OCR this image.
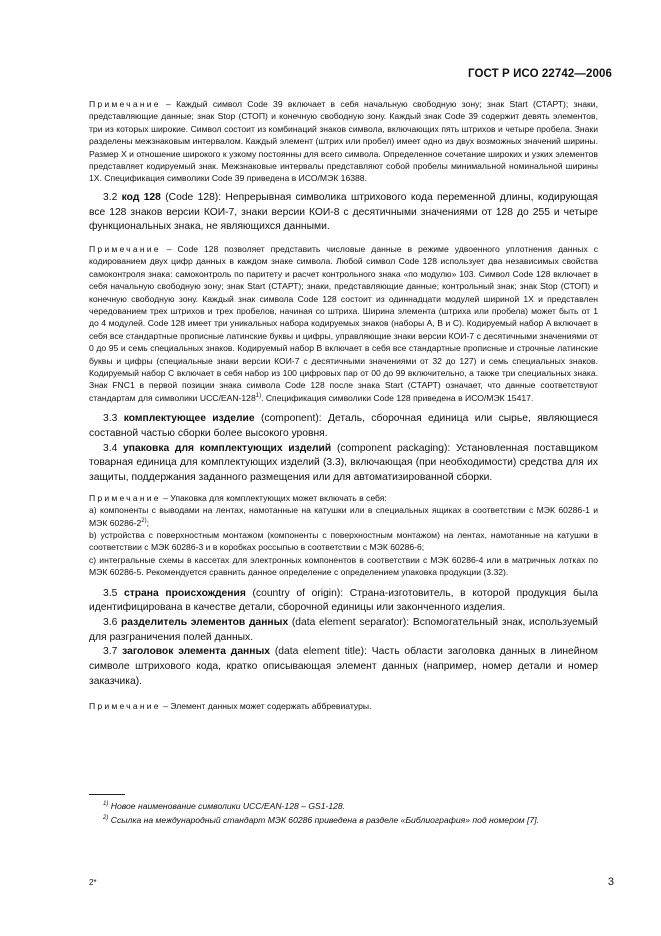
ГОСТ Р ИСО 22742—2006

Примечание – Каждый символ Code 39 включает в себя начальную свободную зону; знак Start (СТАРТ); знаки, представляющие данные; знак Stop (СТОП) и конечную свободную зону. Каждый знак Code 39 содержит девять элементов, три из которых широкие. Символ состоит из комбинаций знаков символа, включающих пять штрихов и четыре пробела. Знаки разделены межзнаковым интервалом. Каждый элемент (штрих или пробел) имеет одно из двух возможных значений ширины. Размер X и отношение широкого к узкому постоянны для всего символа. Определенное сочетание широких и узких элементов представляет кодируемый знак. Межзнаковые интервалы представляют собой пробелы минимальной номинальной ширины 1X. Спецификация символики Code 39 приведена в ИСО/МЭК 16388.

3.2 код 128 (Code 128): Непрерывная символика штрихового кода переменной длины, кодирующая все 128 знаков версии КОИ-7, знаки версии КОИ-8 с десятичными значениями от 128 до 255 и четыре функциональных знака, не являющихся данными.

Примечание – Code 128 позволяет представить числовые данные в режиме удвоенного уплотнения данных с кодированием двух цифр данных в каждом знаке символа. Любой символ Code 128 использует два независимых свойства самоконтроля знака: самоконтроль по паритету и расчет контрольного знака «по модулю» 103. Символ Code 128 включает в себя начальную свободную зону; знак Start (СТАРТ); знаки, представляющие данные; контрольный знак; знак Stop (СТОП) и конечную свободную зону. Каждый знак символа Code 128 состоит из одиннадцати модулей шириной 1X и представлен чередованием трех штрихов и трех пробелов, начиная со штриха. Ширина элемента (штриха или пробела) может быть от 1 до 4 модулей. Code 128 имеет три уникальных набора кодируемых знаков (наборы A, B и C). Кодируемый набор A включает в себя все стандартные прописные латинские буквы и цифры, управляющие знаки версии КОИ-7 с десятичными значениями от 0 до 95 и семь специальных знаков. Кодируемый набор B включает в себя все стандартные прописные и строчные латинские буквы и цифры (специальные знаки версии КОИ-7 с десятичными значениями от 32 до 127) и семь специальных знаков. Кодируемый набор C включает в себя набор из 100 цифровых пар от 00 до 99 включительно, а также три специальных знака. Знак FNC1 в первой позиции знака символа Code 128 после знака Start (СТАРТ) означает, что данные соответствуют стандартам для символики UCC/EAN-128$^{1)}$. Спецификация символики Code 128 приведена в ИСО/МЭК 15417.

3.3 комплектующее изделие (component): Деталь, сборочная единица или сырье, являющиеся составной частью сборки более высокого уровня.

3.4 упаковка для комплектующих изделий (component packaging): Установленная поставщиком товарная единица для комплектующих изделий (3.3), включающая (при необходимости) средства для их защиты, поддержания заданного размещения или для автоматизированной сборки.

Примечание – Упаковка для комплектующих может включать в себя:

a) компоненты с выводами на лентах, намотанные на катушки или в специальных ящиках в соответствии с МЭК 60286-1 и МЭК 60286-2$^{2)}$;

b) устройства с поверхностным монтажом (компоненты с поверхностным монтажом) на лентах, намотанные на катушки в соответствии с МЭК 60286-3 и в коробках россыпью в соответствии с МЭК 60286-6;

c) интегральные схемы в кассетах для электронных компонентов в соответствии с МЭК 60286-4 или в матричных лотках по МЭК 60286-5. Рекомендуется сравнить данное определение с определением упаковка продукции (3.32).

3.5 страна происхождения (country of origin): Страна-изготовитель, в которой продукция была идентифицирована в качестве детали, сборочной единицы или законченного изделия.

3.6 разделитель элементов данных (data element separator): Вспомогательный знак, используемый для разграничения полей данных.

3.7 заголовок элемента данных (data element title): Часть области заголовка данных в линейном символе штрихового кода, кратко описывающая элемент данных (например, номер детали и номер заказчика).

Примечание – Элемент данных может содержать аббревиатуры.

$^{1)}$ Новое наименование символики UCC/EAN-128 – GS1-128.

$^{2)}$ Ссылка на международный стандарт МЭК 60286 приведена в разделе «Библиография» под номером [7].

2*	3
